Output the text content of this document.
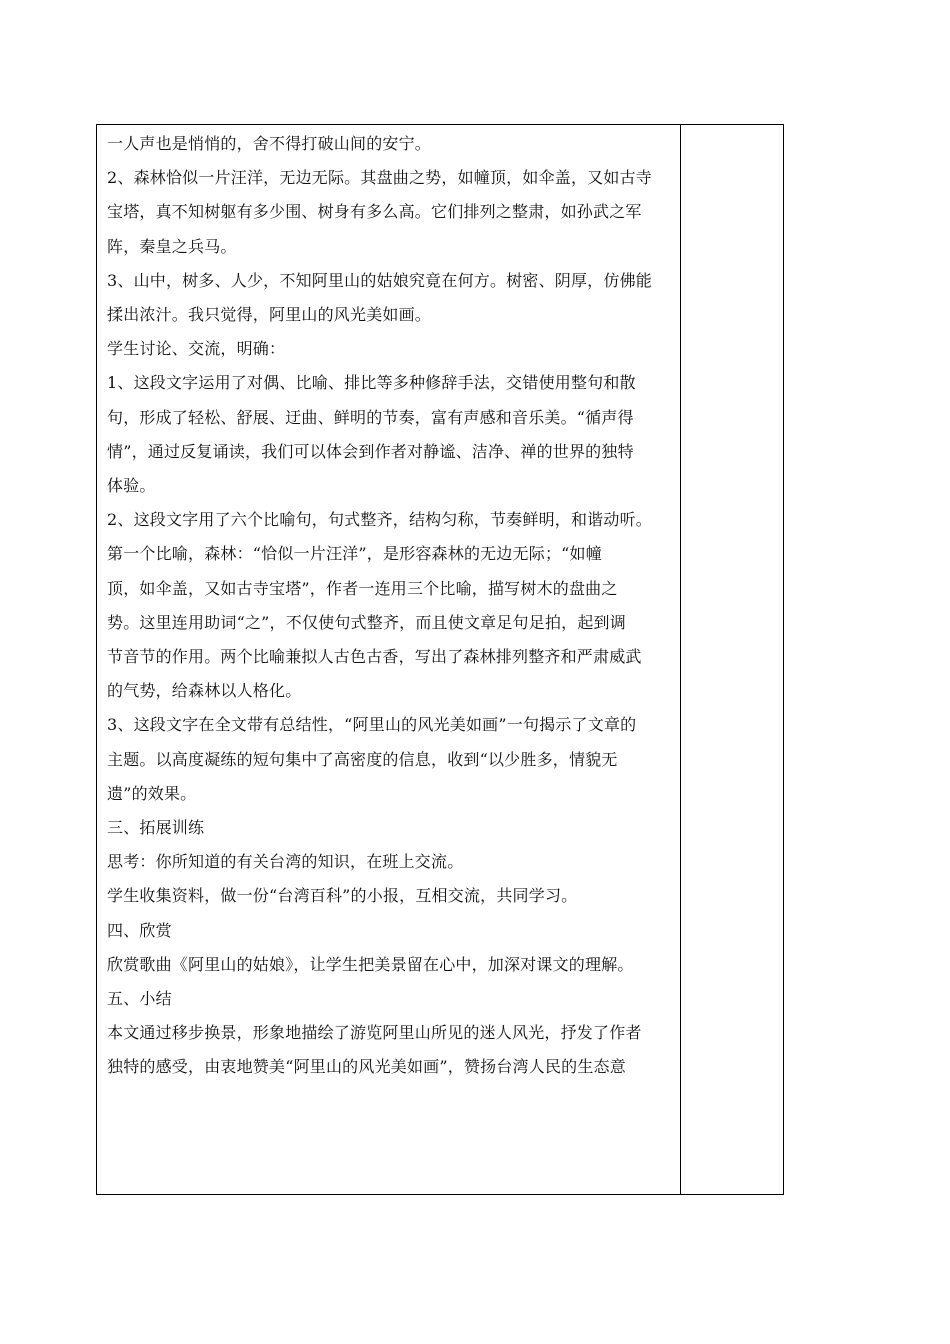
一人声也是悄悄的，舍不得打破山间的安宁。

2、森林恰似一片汪洋，无边无际。其盘曲之势，如幢顶，如伞盖，又如古寺

宝塔，真不知树躯有多少围、树身有多么高。它们排列之整肃，如孙武之军

阵，秦皇之兵马。

3、山中，树多、人少，不知阿里山的姑娘究竟在何方。树密、阴厚，仿佛能

揉出浓汁。我只觉得，阿里山的风光美如画。

学生讨论、交流，明确：

1、这段文字运用了对偶、比喻、排比等多种修辞手法，交错使用整句和散

句，形成了轻松、舒展、迂曲、鲜明的节奏，富有声感和音乐美。“循声得

情”，通过反复诵读，我们可以体会到作者对静谧、洁净、禅的世界的独特

体验。

2、这段文字用了六个比喻句，句式整齐，结构匀称，节奏鲜明，和谐动听。

第一个比喻，森林：“恰似一片汪洋”，是形容森林的无边无际；“如幢

顶，如伞盖，又如古寺宝塔”，作者一连用三个比喻，描写树木的盘曲之

势。这里连用助词“之”，不仅使句式整齐，而且使文章足句足拍，起到调

节音节的作用。两个比喻兼拟人古色古香，写出了森林排列整齐和严肃威武

的气势，给森林以人格化。

3、这段文字在全文带有总结性，“阿里山的风光美如画”一句揭示了文章的

主题。以高度凝练的短句集中了高密度的信息，收到“以少胜多，情貌无

遗”的效果。

三、拓展训练

思考：你所知道的有关台湾的知识，在班上交流。

学生收集资料，做一份“台湾百科”的小报，互相交流，共同学习。

四、欣赏

欣赏歌曲《阿里山的姑娘》，让学生把美景留在心中，加深对课文的理解。

五、小结

本文通过移步换景，形象地描绘了游览阿里山所见的迷人风光，抒发了作者

独特的感受，由衷地赞美“阿里山的风光美如画”，赞扬台湾人民的生态意
